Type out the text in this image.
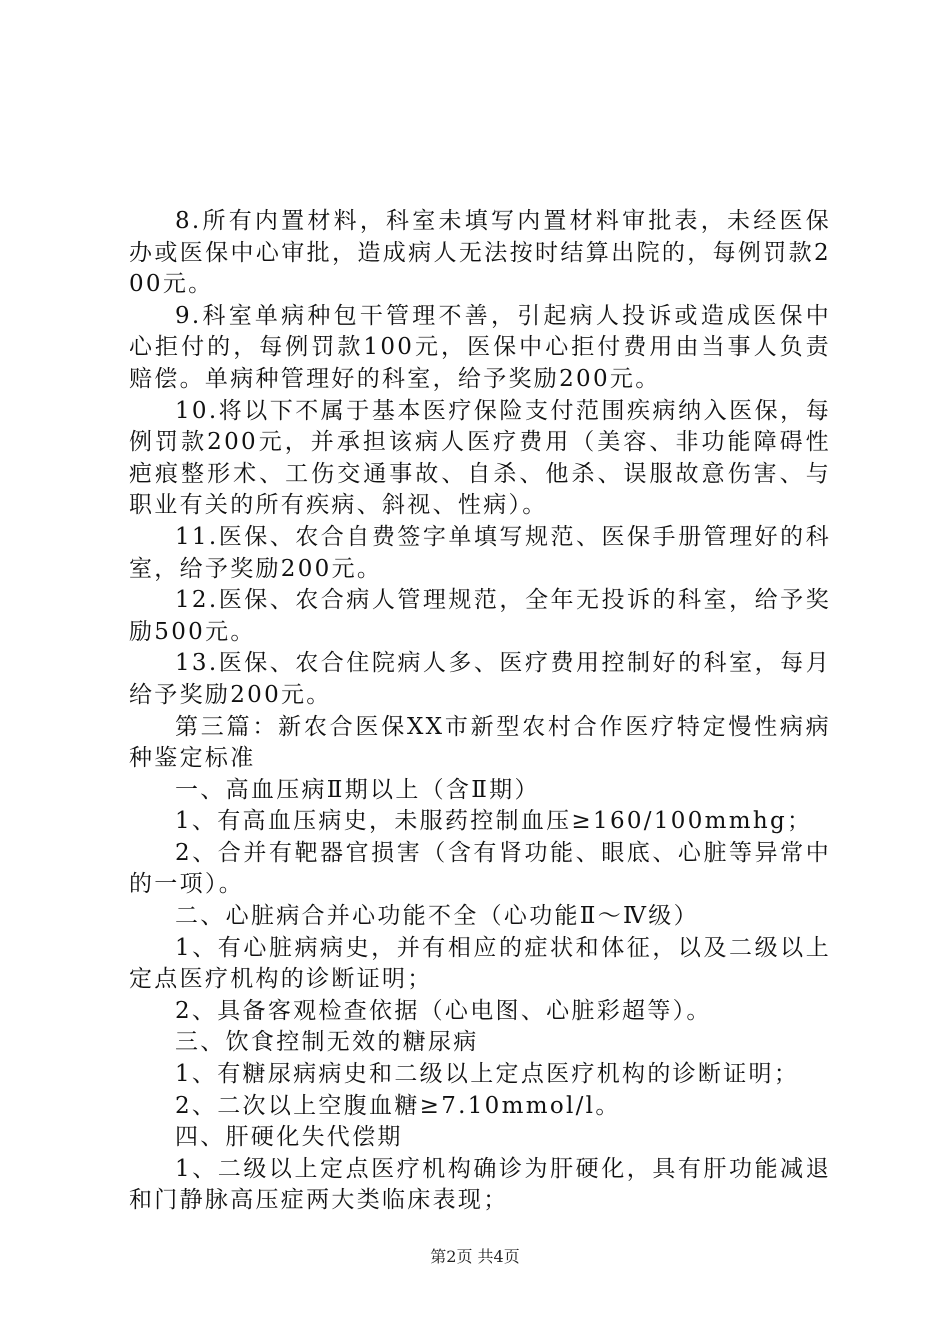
8.所有内置材料，科室未填写内置材料审批表，未经医保办或医保中心审批，造成病人无法按时结算出院的，每例罚款200元。

9.科室单病种包干管理不善，引起病人投诉或造成医保中心拒付的，每例罚款100元，医保中心拒付费用由当事人负责赔偿。单病种管理好的科室，给予奖励200元。

10.将以下不属于基本医疗保险支付范围疾病纳入医保，每例罚款200元，并承担该病人医疗费用（美容、非功能障碍性疤痕整形术、工伤交通事故、自杀、他杀、误服故意伤害、与职业有关的所有疾病、斜视、性病）。

11.医保、农合自费签字单填写规范、医保手册管理好的科室，给予奖励200元。

12.医保、农合病人管理规范，全年无投诉的科室，给予奖励500元。

13.医保、农合住院病人多、医疗费用控制好的科室，每月给予奖励200元。

第三篇：新农合医保XX市新型农村合作医疗特定慢性病病种鉴定标准

一、高血压病Ⅱ期以上（含Ⅱ期）

1、有高血压病史，未服药控制血压≥160/100mmhg；

2、合并有靶器官损害（含有肾功能、眼底、心脏等异常中的一项）。

二、心脏病合并心功能不全（心功能Ⅱ～Ⅳ级）

1、有心脏病病史，并有相应的症状和体征，以及二级以上定点医疗机构的诊断证明；

2、具备客观检查依据（心电图、心脏彩超等）。

三、饮食控制无效的糖尿病

1、有糖尿病病史和二级以上定点医疗机构的诊断证明；

2、二次以上空腹血糖≥7.10mmol/l。

四、肝硬化失代偿期

1、二级以上定点医疗机构确诊为肝硬化，具有肝功能减退和门静脉高压症两大类临床表现；

第2页 共4页
